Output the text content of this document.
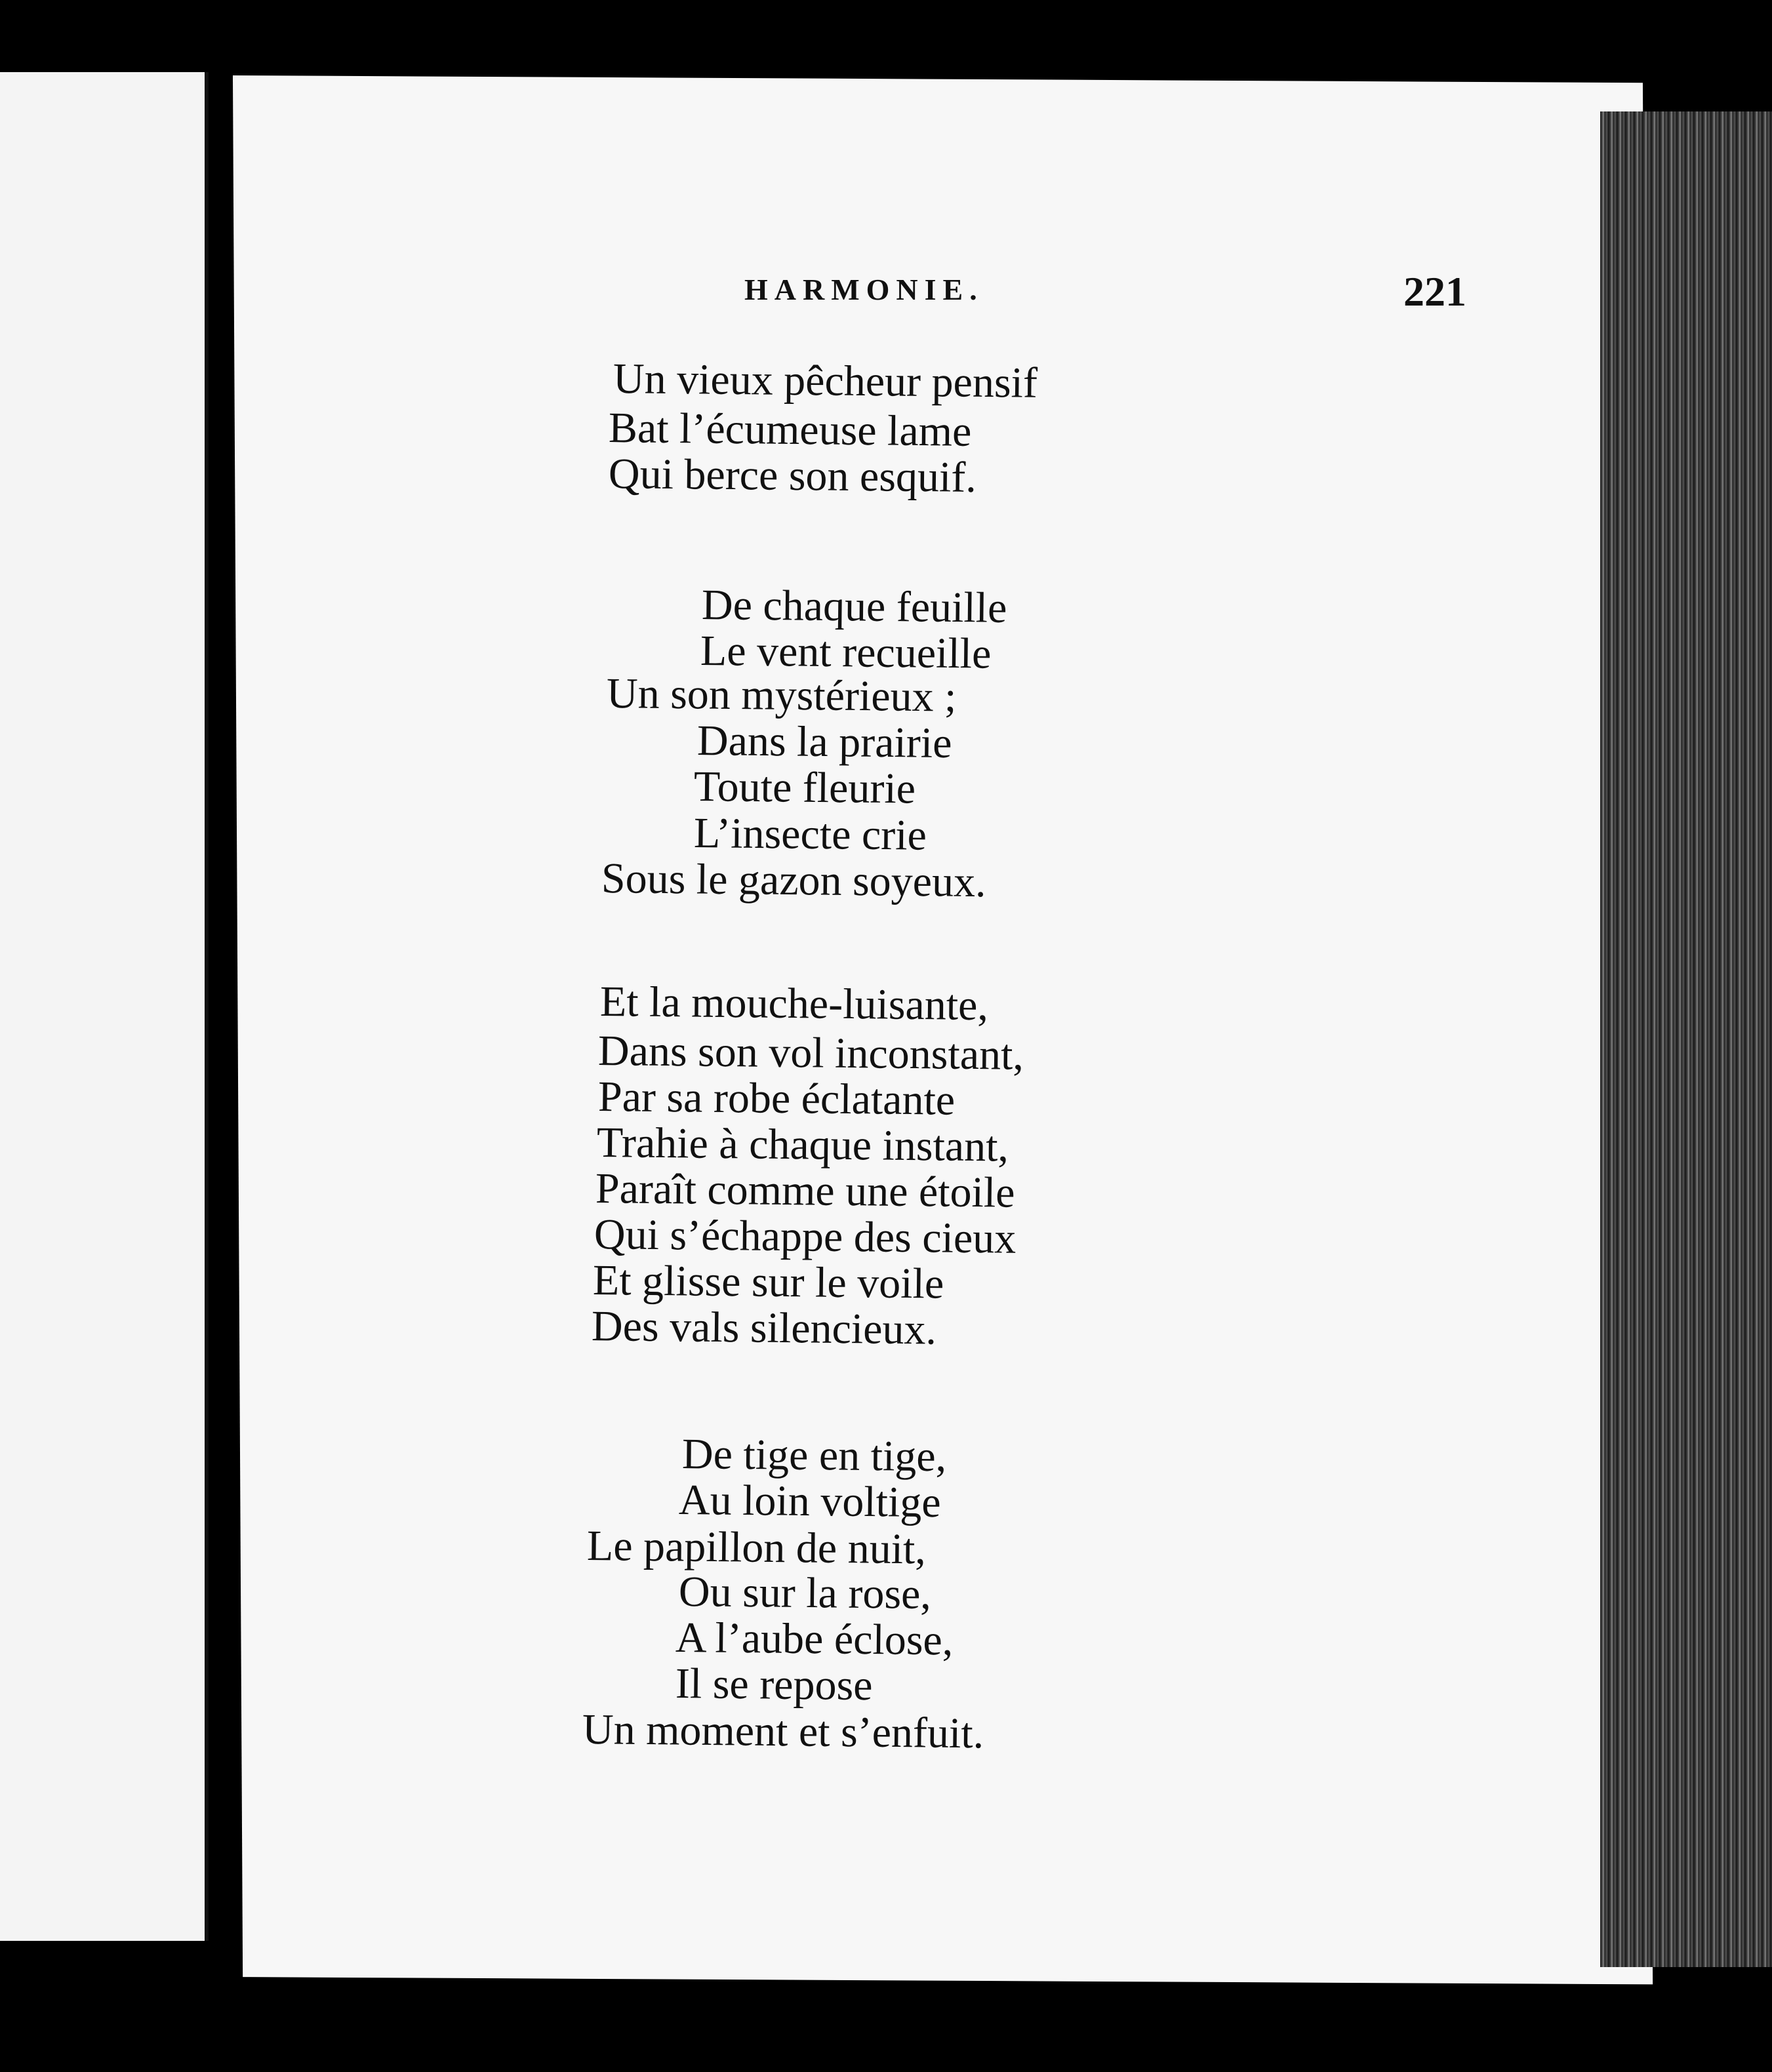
HARMONIE.	221
Un vieux pêcheur pensif
Bat l’écumeuse lame
Qui berce son esquif.
De chaque feuille
Le vent recueille
Un son mystérieux ;
Dans la prairie
Toute fleurie
L’insecte crie
Sous le gazon soyeux.
Et la mouche-luisante,
Dans son vol inconstant,
Par sa robe éclatante
Trahie à chaque instant,
Paraît comme une étoile
Qui s’échappe des cieux
Et glisse sur le voile
Des vals silencieux.
De tige en tige,
Au loin voltige
Le papillon de nuit,
Ou sur la rose,
A l’aube éclose,
Il se repose
Un moment et s’enfuit.
